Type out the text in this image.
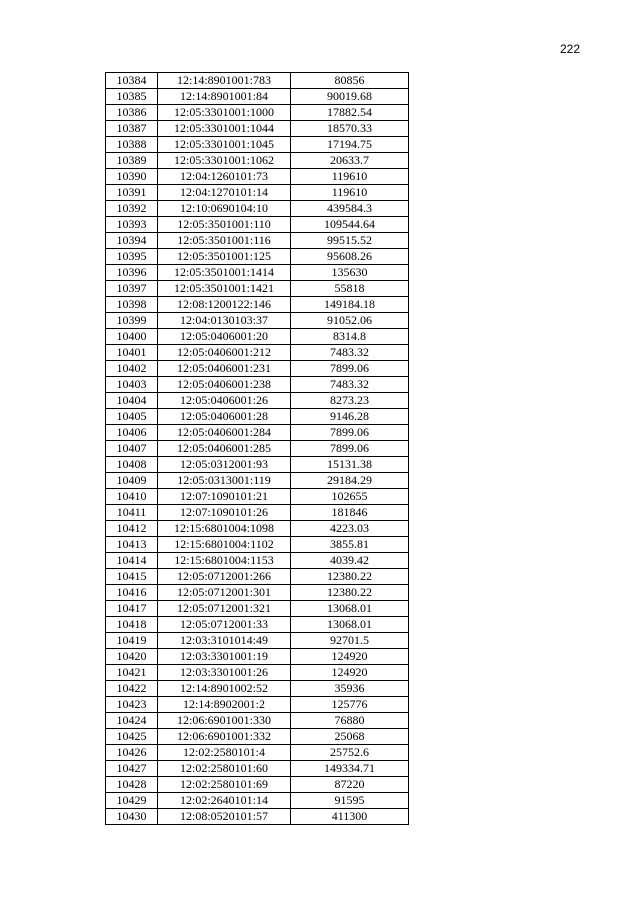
222
10384	12:14:8901001:783	80856
10385	12:14:8901001:84	90019.68
10386	12:05:3301001:1000	17882.54
10387	12:05:3301001:1044	18570.33
10388	12:05:3301001:1045	17194.75
10389	12:05:3301001:1062	20633.7
10390	12:04:1260101:73	119610
10391	12:04:1270101:14	119610
10392	12:10:0690104:10	439584.3
10393	12:05:3501001:110	109544.64
10394	12:05:3501001:116	99515.52
10395	12:05:3501001:125	95608.26
10396	12:05:3501001:1414	135630
10397	12:05:3501001:1421	55818
10398	12:08:1200122:146	149184.18
10399	12:04:0130103:37	91052.06
10400	12:05:0406001:20	8314.8
10401	12:05:0406001:212	7483.32
10402	12:05:0406001:231	7899.06
10403	12:05:0406001:238	7483.32
10404	12:05:0406001:26	8273.23
10405	12:05:0406001:28	9146.28
10406	12:05:0406001:284	7899.06
10407	12:05:0406001:285	7899.06
10408	12:05:0312001:93	15131.38
10409	12:05:0313001:119	29184.29
10410	12:07:1090101:21	102655
10411	12:07:1090101:26	181846
10412	12:15:6801004:1098	4223.03
10413	12:15:6801004:1102	3855.81
10414	12:15:6801004:1153	4039.42
10415	12:05:0712001:266	12380.22
10416	12:05:0712001:301	12380.22
10417	12:05:0712001:321	13068.01
10418	12:05:0712001:33	13068.01
10419	12:03:3101014:49	92701.5
10420	12:03:3301001:19	124920
10421	12:03:3301001:26	124920
10422	12:14:8901002:52	35936
10423	12:14:8902001:2	125776
10424	12:06:6901001:330	76880
10425	12:06:6901001:332	25068
10426	12:02:2580101:4	25752.6
10427	12:02:2580101:60	149334.71
10428	12:02:2580101:69	87220
10429	12:02:2640101:14	91595
10430	12:08:0520101:57	411300
